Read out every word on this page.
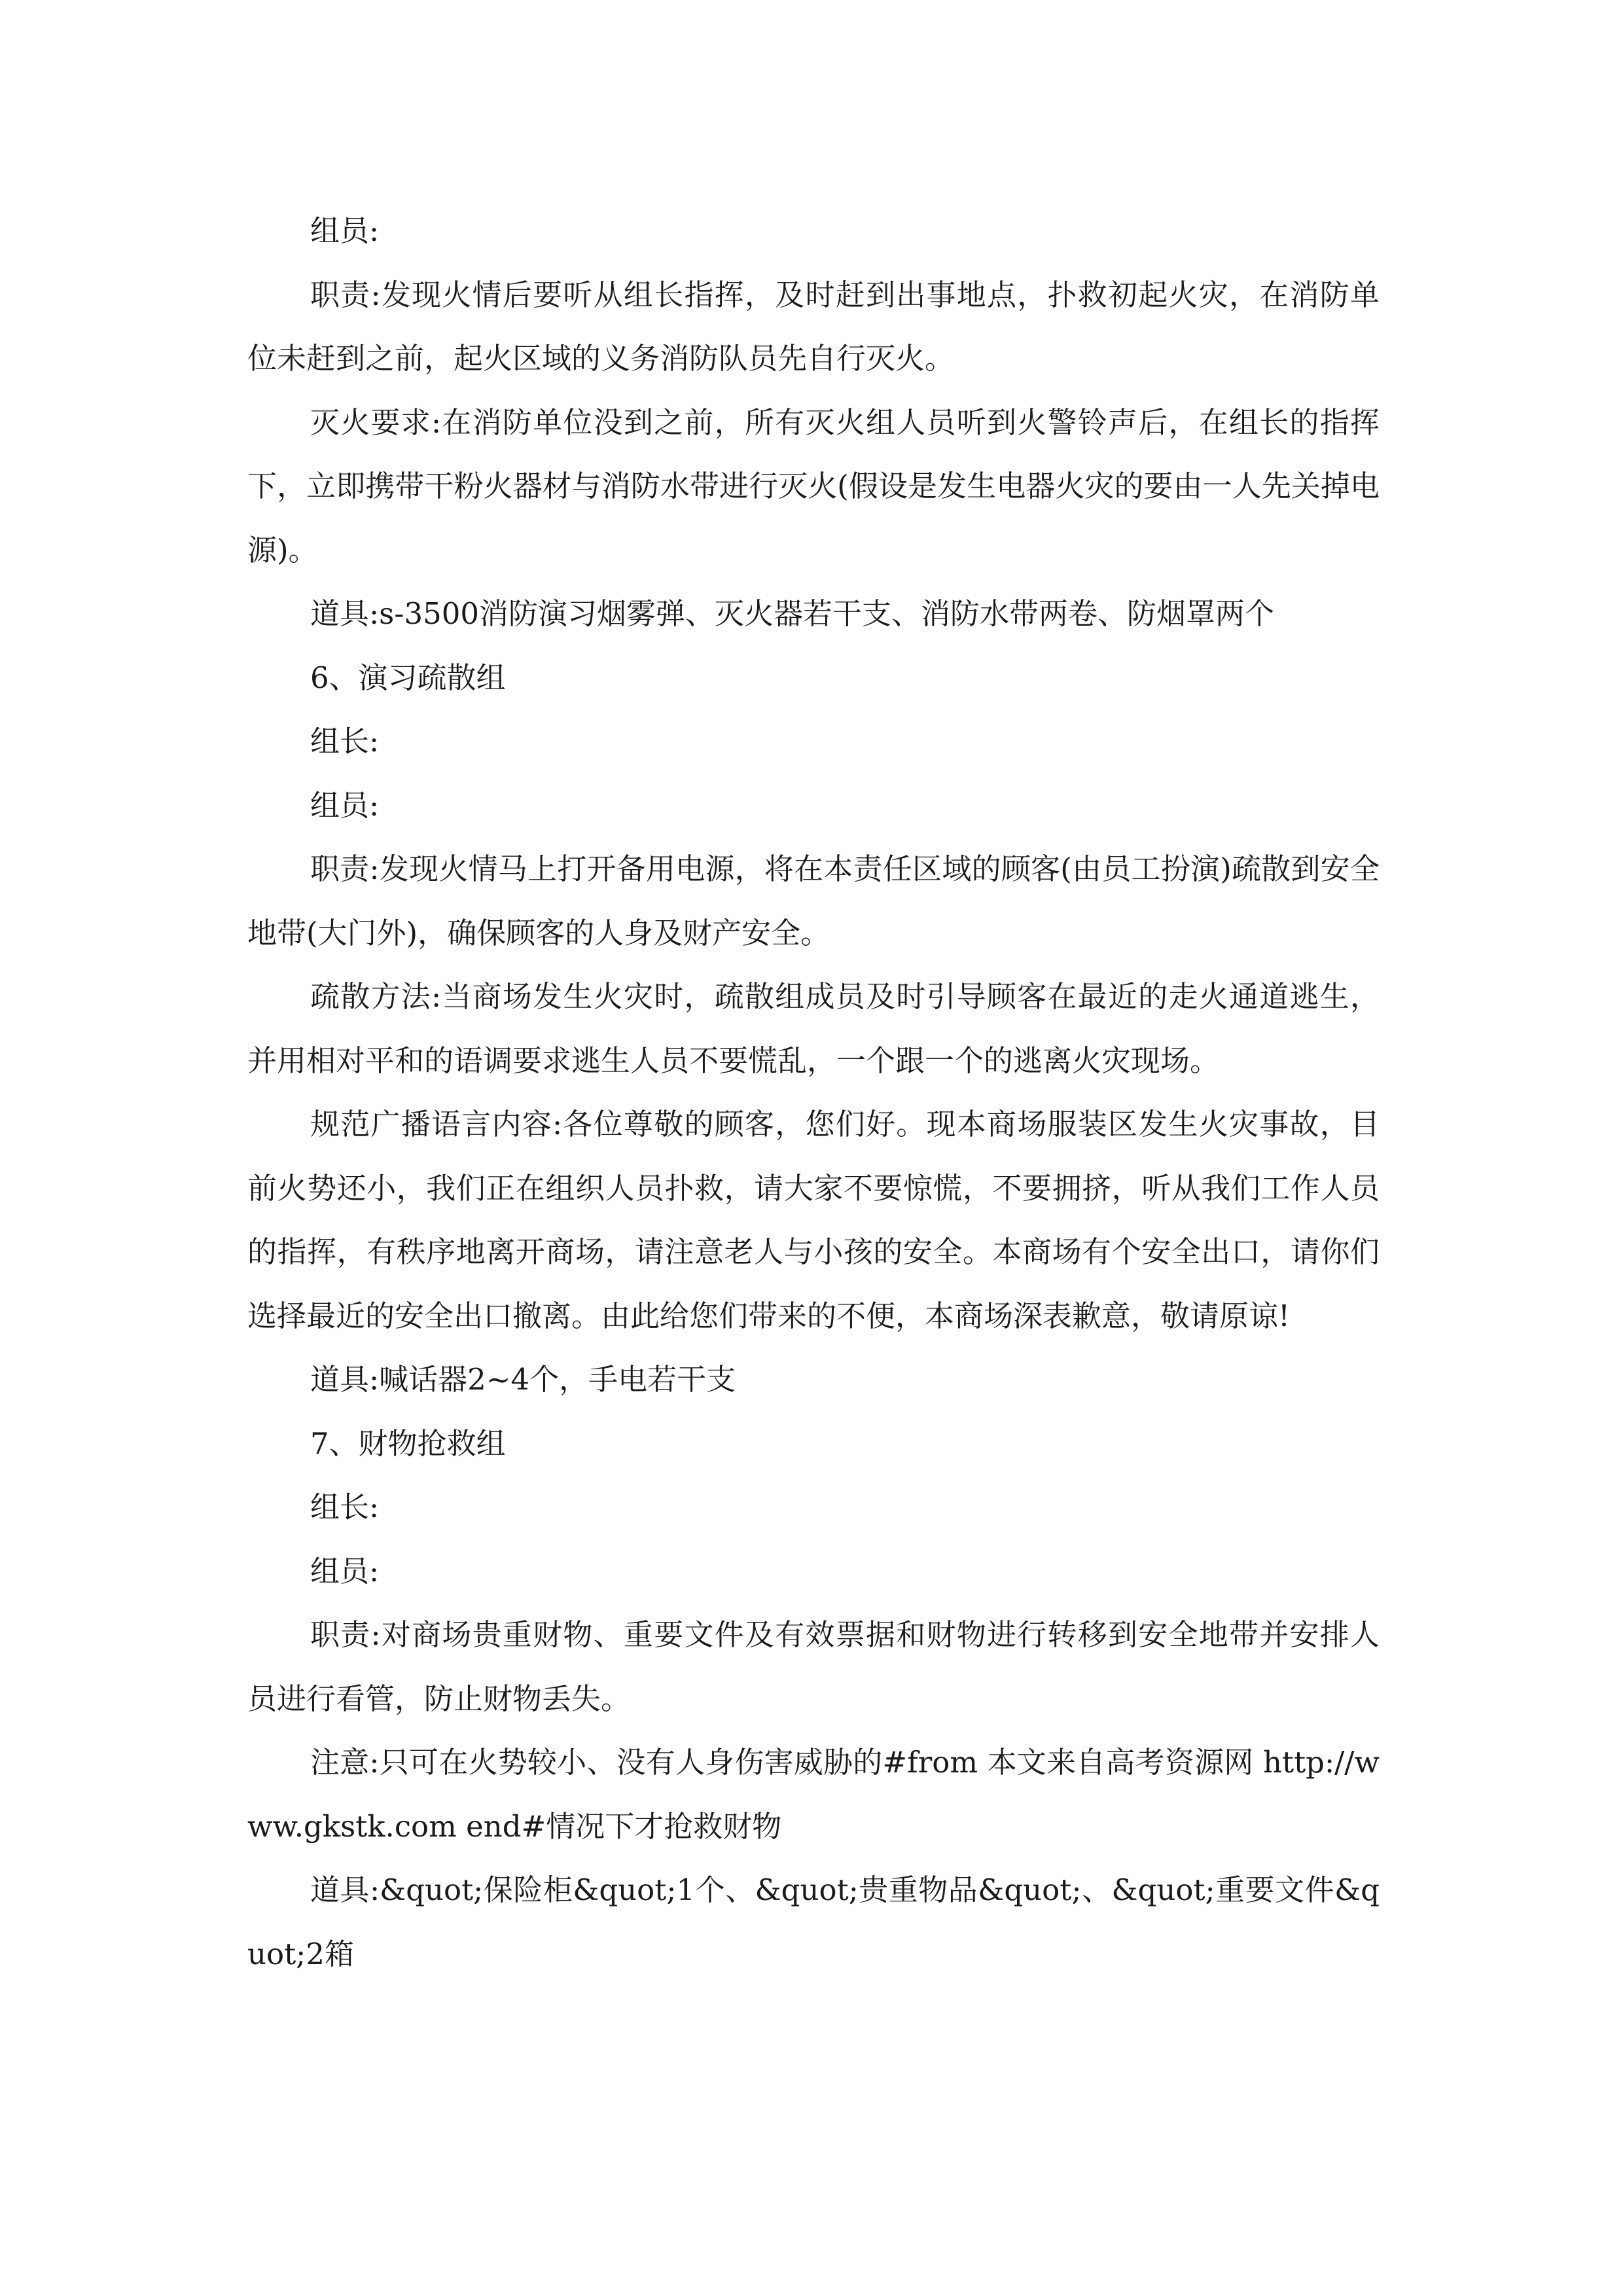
组员:

职责:发现火情后要听从组长指挥，及时赶到出事地点，扑救初起火灾，在消防单位未赶到之前，起火区域的义务消防队员先自行灭火。

灭火要求:在消防单位没到之前，所有灭火组人员听到火警铃声后，在组长的指挥下，立即携带干粉火器材与消防水带进行灭火(假设是发生电器火灾的要由一人先关掉电源)。

道具:s-3500消防演习烟雾弹、灭火器若干支、消防水带两卷、防烟罩两个

6、演习疏散组

组长:

组员:

职责:发现火情马上打开备用电源，将在本责任区域的顾客(由员工扮演)疏散到安全地带(大门外)，确保顾客的人身及财产安全。

疏散方法:当商场发生火灾时，疏散组成员及时引导顾客在最近的走火通道逃生，并用相对平和的语调要求逃生人员不要慌乱，一个跟一个的逃离火灾现场。

规范广播语言内容:各位尊敬的顾客，您们好。现本商场服装区发生火灾事故，目前火势还小，我们正在组织人员扑救，请大家不要惊慌，不要拥挤，听从我们工作人员的指挥，有秩序地离开商场，请注意老人与小孩的安全。本商场有个安全出口，请你们选择最近的安全出口撤离。由此给您们带来的不便，本商场深表歉意，敬请原谅!

道具:喊话器2~4个，手电若干支

7、财物抢救组

组长:

组员:

职责:对商场贵重财物、重要文件及有效票据和财物进行转移到安全地带并安排人员进行看管，防止财物丢失。

注意:只可在火势较小、没有人身伤害威胁的#from 本文来自高考资源网 http://www.gkstk.com end#情况下才抢救财物

道具:&quot;保险柜&quot;1个、&quot;贵重物品&quot;、&quot;重要文件&quot;2箱
